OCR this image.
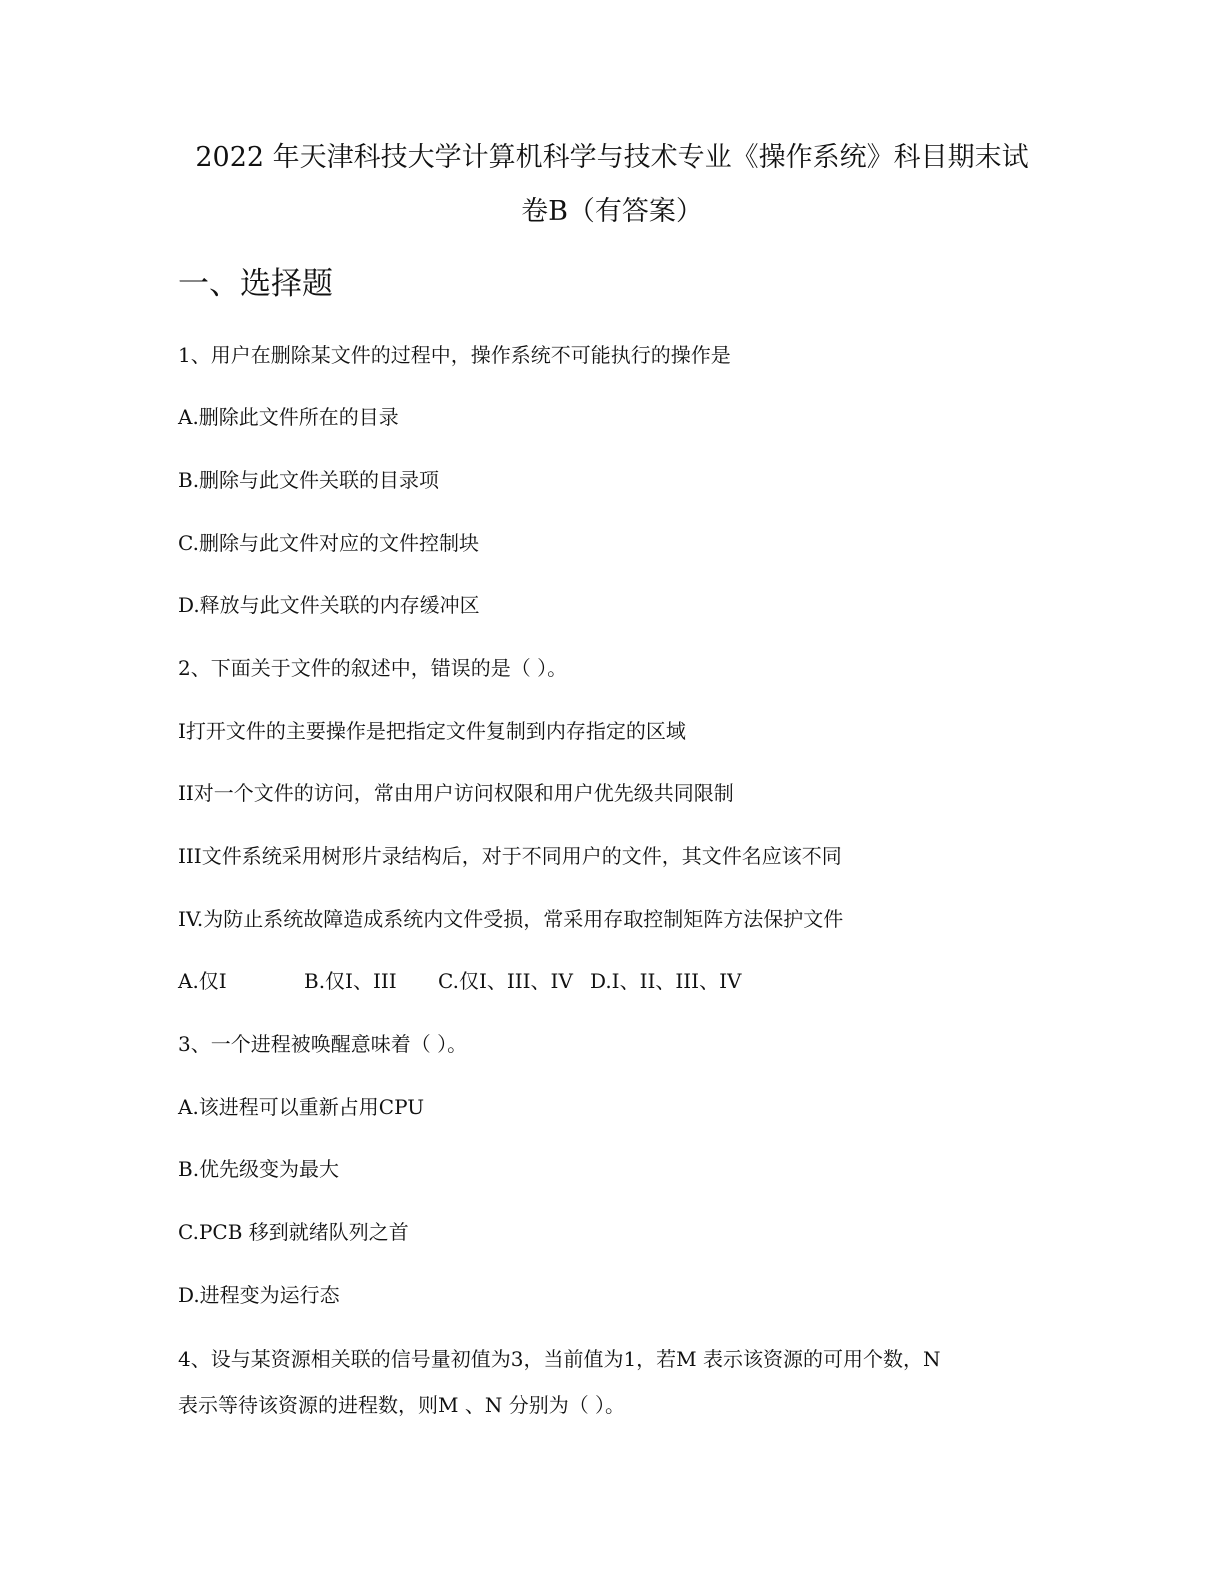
2022 年天津科技大学计算机科学与技术专业《操作系统》科目期末试
卷B（有答案）
一、选择题
1、用户在删除某文件的过程中，操作系统不可能执行的操作是
A.删除此文件所在的目录
B.删除与此文件关联的目录项
C.删除与此文件对应的文件控制块
D.释放与此文件关联的内存缓冲区
2、下面关于文件的叙述中，错误的是（ ）。
I打开文件的主要操作是把指定文件复制到内存指定的区域
II对一个文件的访问，常由用户访问权限和用户优先级共同限制
III文件系统采用树形片录结构后，对于不同用户的文件，其文件名应该不同
IV.为防止系统故障造成系统内文件受损，常采用存取控制矩阵方法保护文件
A.仅I	B.仅I、III C.仅I、III、IV D.I、II、III、IV
3、一个进程被唤醒意味着（ ）。
A.该进程可以重新占用CPU
B.优先级变为最大
C.PCB 移到就绪队列之首
D.进程变为运行态
4、设与某资源相关联的信号量初值为3，当前值为1，若M 表示该资源的可用个数，N
表示等待该资源的进程数，则M 、N 分别为（ ）。
